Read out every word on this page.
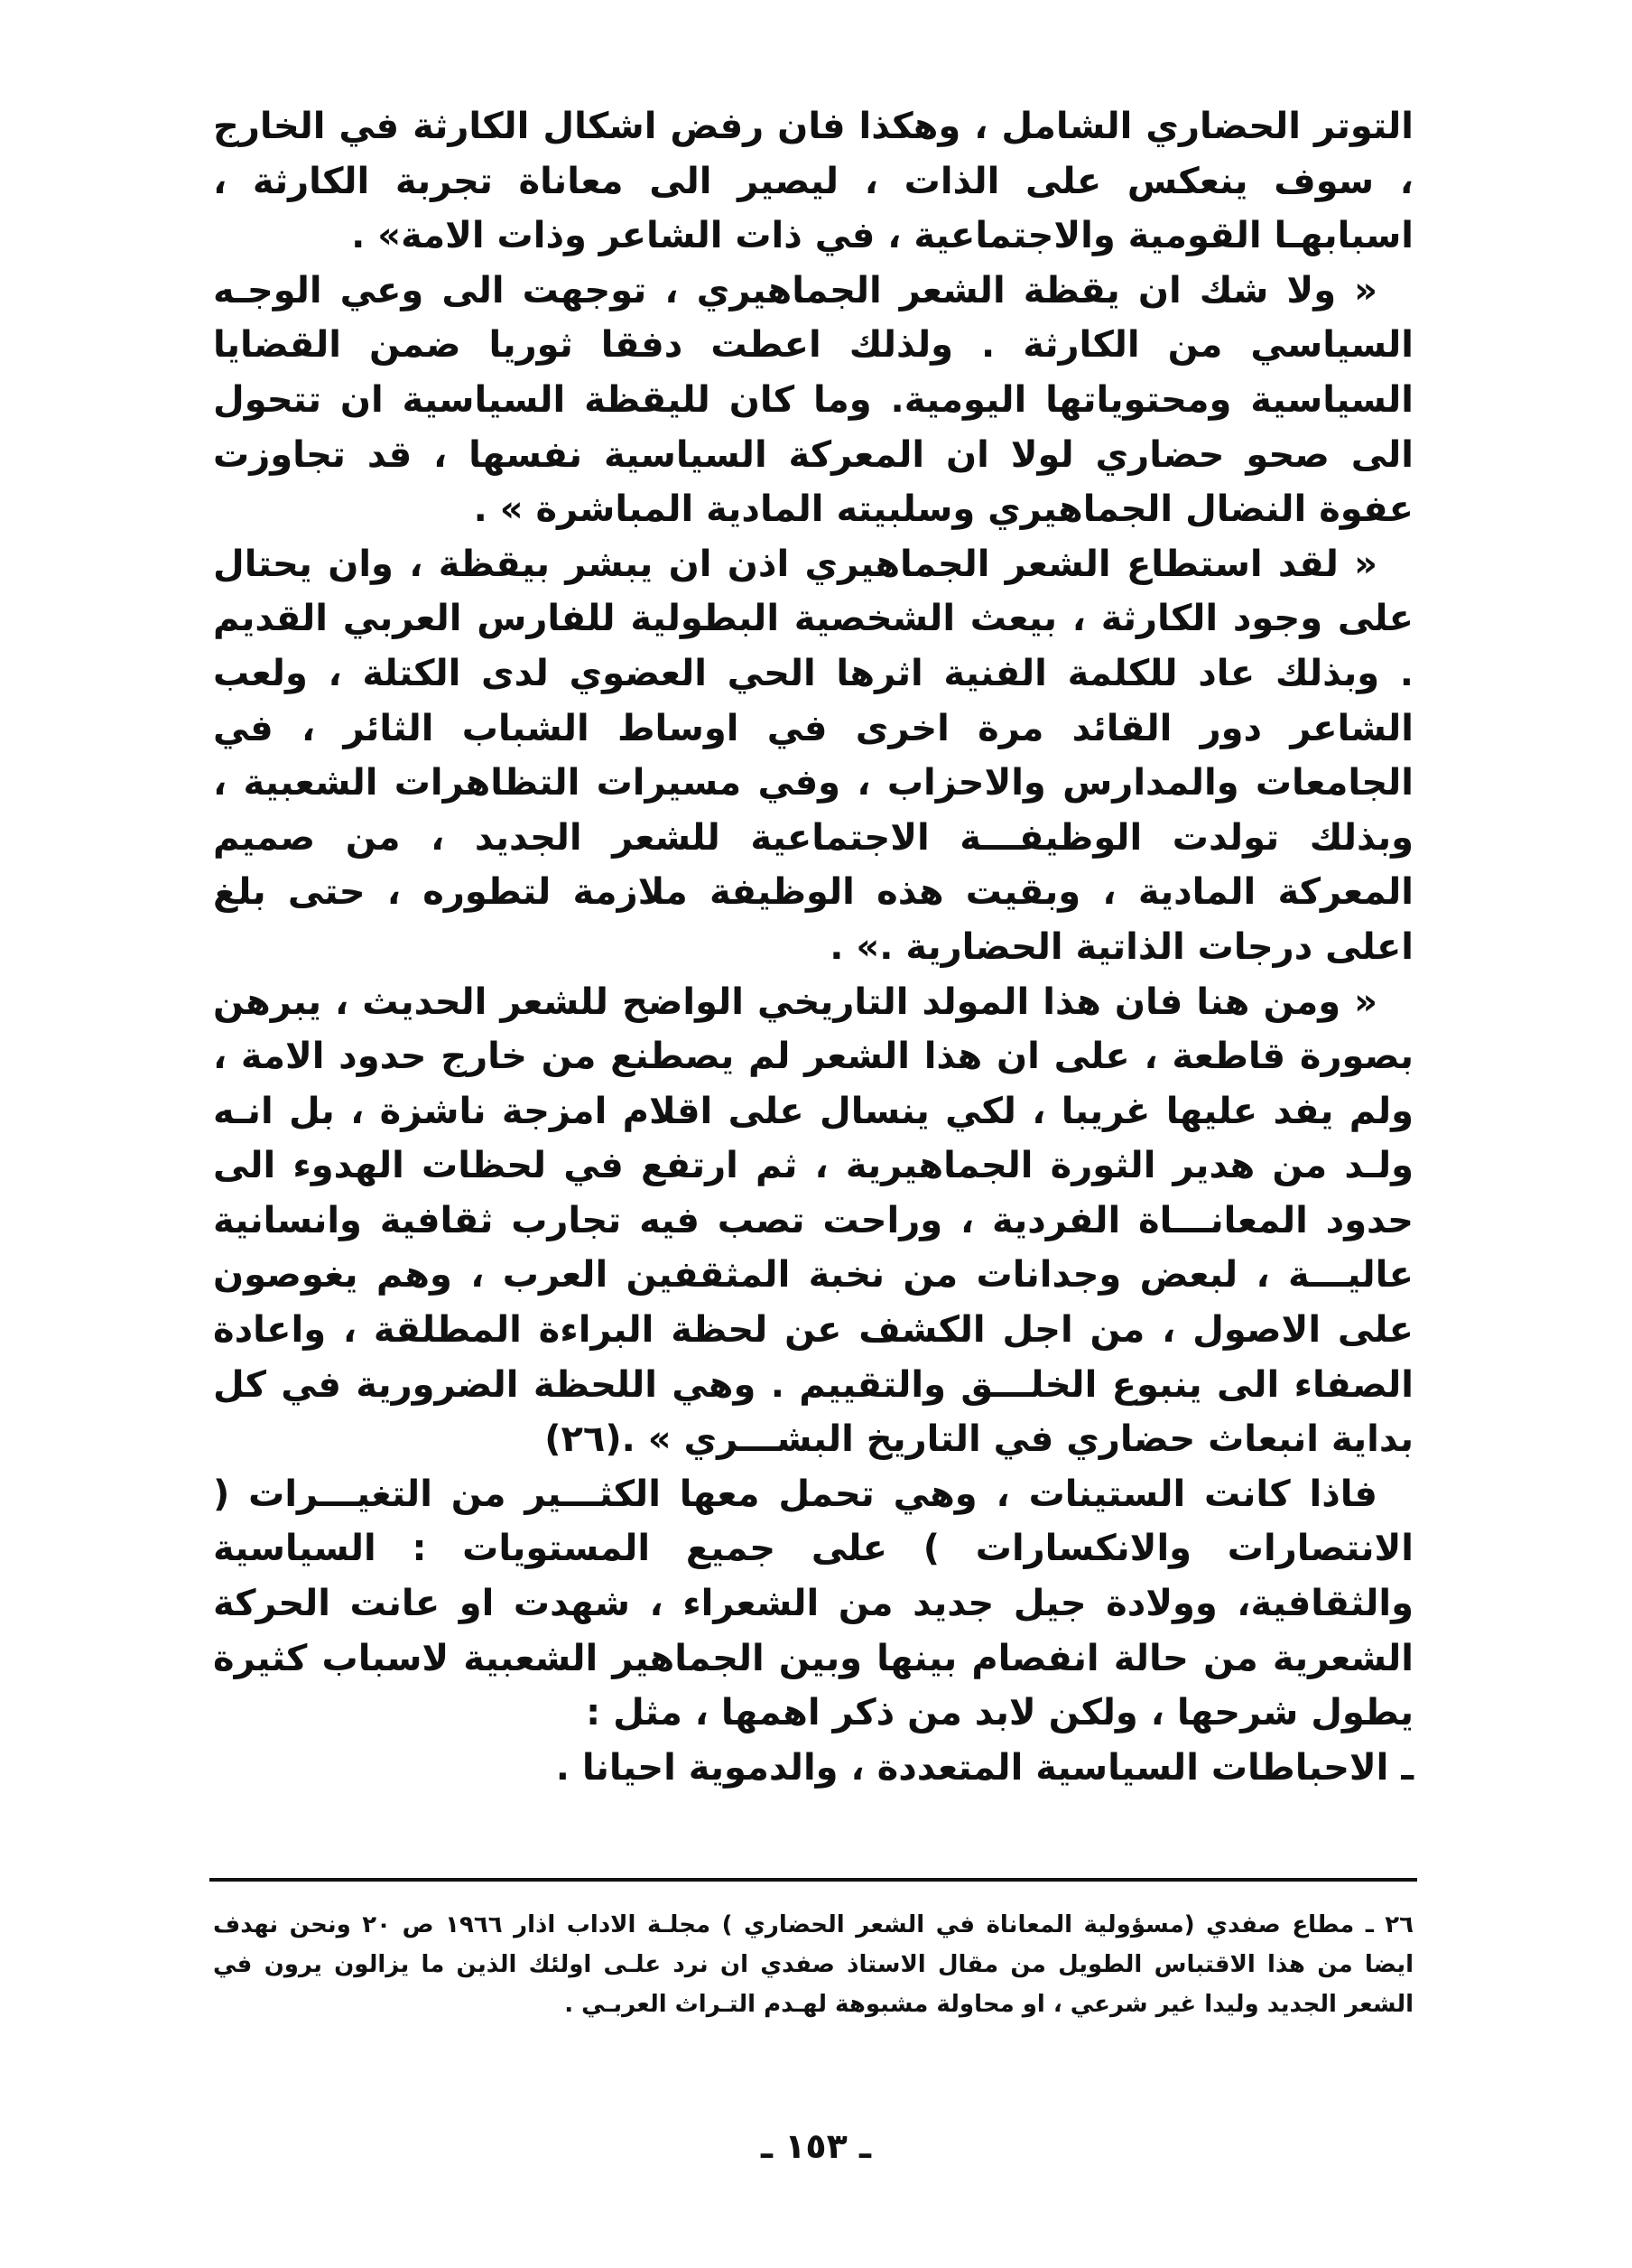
التوتر الحضاري الشامل ، وهكذا فان رفض اشكال الكارثة في الخارج ، سوف ينعكس على الذات ، ليصير الى معاناة تجربة الكارثة ، اسبابهـا القومية والاجتماعية ، في ذات الشاعر وذات الامة» .

« ولا شك ان يقظة الشعر الجماهيري ، توجهت الى وعي الوجـه السياسي من الكارثة . ولذلك اعطت دفقا ثوريا ضمن القضايا السياسية ومحتوياتها اليومية. وما كان لليقظة السياسية ان تتحول الى صحو حضاري لولا ان المعركة السياسية نفسها ، قد تجاوزت عفوة النضال الجماهيري وسلبيته المادية المباشرة » .

« لقد استطاع الشعر الجماهيري اذن ان يبشر بيقظة ، وان يحتال على وجود الكارثة ، بيعث الشخصية البطولية للفارس العربي القديم . وبذلك عاد للكلمة الفنية اثرها الحي العضوي لدى الكتلة ، ولعب الشاعر دور القائد مرة اخرى في اوساط الشباب الثائر ، في الجامعات والمدارس والاحزاب ، وفي مسيرات التظاهرات الشعبية ، وبذلك تولدت الوظيفـــة الاجتماعية للشعر الجديد ، من صميم المعركة المادية ، وبقيت هذه الوظيفة ملازمة لتطوره ، حتى بلغ اعلى درجات الذاتية الحضارية .» .

« ومن هنا فان هذا المولد التاريخي الواضح للشعر الحديث ، يبرهن بصورة قاطعة ، على ان هذا الشعر لم يصطنع من خارج حدود الامة ، ولم يفد عليها غريبا ، لكي ينسال على اقلام امزجة ناشزة ، بل انـه ولـد من هدير الثورة الجماهيرية ، ثم ارتفع في لحظات الهدوء الى حدود المعانـــاة الفردية ، وراحت تصب فيه تجارب ثقافية وانسانية عاليـــة ، لبعض وجدانات من نخبة المثقفين العرب ، وهم يغوصون على الاصول ، من اجل الكشف عن لحظة البراءة المطلقة ، واعادة الصفاء الى ينبوع الخلـــق والتقييم . وهي اللحظة الضرورية في كل بداية انبعاث حضاري في التاريخ البشـــري » .(٢٦)

فاذا كانت الستينات ، وهي تحمل معها الكثـــير من التغيـــرات ( الانتصارات والانكسارات ) على جميع المستويات : السياسية والثقافية، وولادة جيل جديد من الشعراء ، شهدت او عانت الحركة الشعرية من حالة انفصام بينها وبين الجماهير الشعبية لاسباب كثيرة يطول شرحها ، ولكن لابد من ذكر اهمها ، مثل :

ـ الاحباطات السياسية المتعددة ، والدموية احيانا .

٢٦ ـ مطاع صفدي (مسؤولية المعاناة في الشعر الحضاري ) مجلـة الاداب اذار ١٩٦٦ ص ٢٠ ونحن نهدف ايضا من هذا الاقتباس الطويل من مقال الاستاذ صفدي ان نرد علـى اولئك الذين ما يزالون يرون في الشعر الجديد وليدا غير شرعي ، او محاولة مشبوهة لهـدم التـراث العربـي .

ـ ١٥٣ ـ
